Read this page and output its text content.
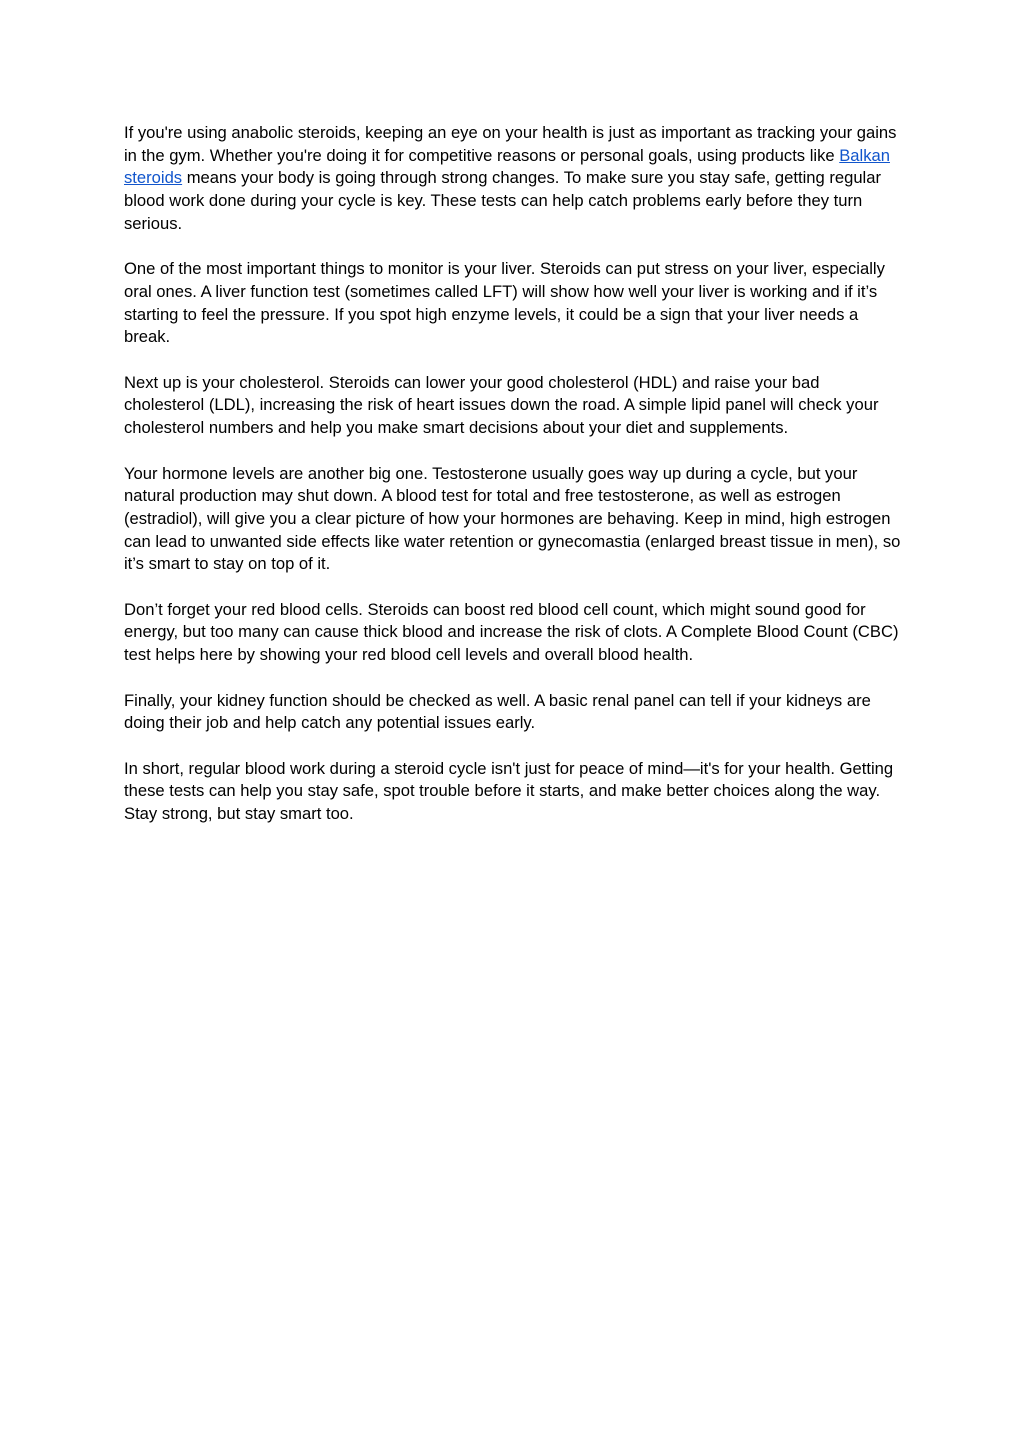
If you're using anabolic steroids, keeping an eye on your health is just as important as tracking your gains in the gym. Whether you're doing it for competitive reasons or personal goals, using products like Balkan steroids means your body is going through strong changes. To make sure you stay safe, getting regular blood work done during your cycle is key. These tests can help catch problems early before they turn serious.

One of the most important things to monitor is your liver. Steroids can put stress on your liver, especially oral ones. A liver function test (sometimes called LFT) will show how well your liver is working and if it’s starting to feel the pressure. If you spot high enzyme levels, it could be a sign that your liver needs a break.

Next up is your cholesterol. Steroids can lower your good cholesterol (HDL) and raise your bad cholesterol (LDL), increasing the risk of heart issues down the road. A simple lipid panel will check your cholesterol numbers and help you make smart decisions about your diet and supplements.

Your hormone levels are another big one. Testosterone usually goes way up during a cycle, but your natural production may shut down. A blood test for total and free testosterone, as well as estrogen (estradiol), will give you a clear picture of how your hormones are behaving. Keep in mind, high estrogen can lead to unwanted side effects like water retention or gynecomastia (enlarged breast tissue in men), so it’s smart to stay on top of it.

Don’t forget your red blood cells. Steroids can boost red blood cell count, which might sound good for energy, but too many can cause thick blood and increase the risk of clots. A Complete Blood Count (CBC) test helps here by showing your red blood cell levels and overall blood health.

Finally, your kidney function should be checked as well. A basic renal panel can tell if your kidneys are doing their job and help catch any potential issues early.

In short, regular blood work during a steroid cycle isn't just for peace of mind—it's for your health. Getting these tests can help you stay safe, spot trouble before it starts, and make better choices along the way. Stay strong, but stay smart too.
